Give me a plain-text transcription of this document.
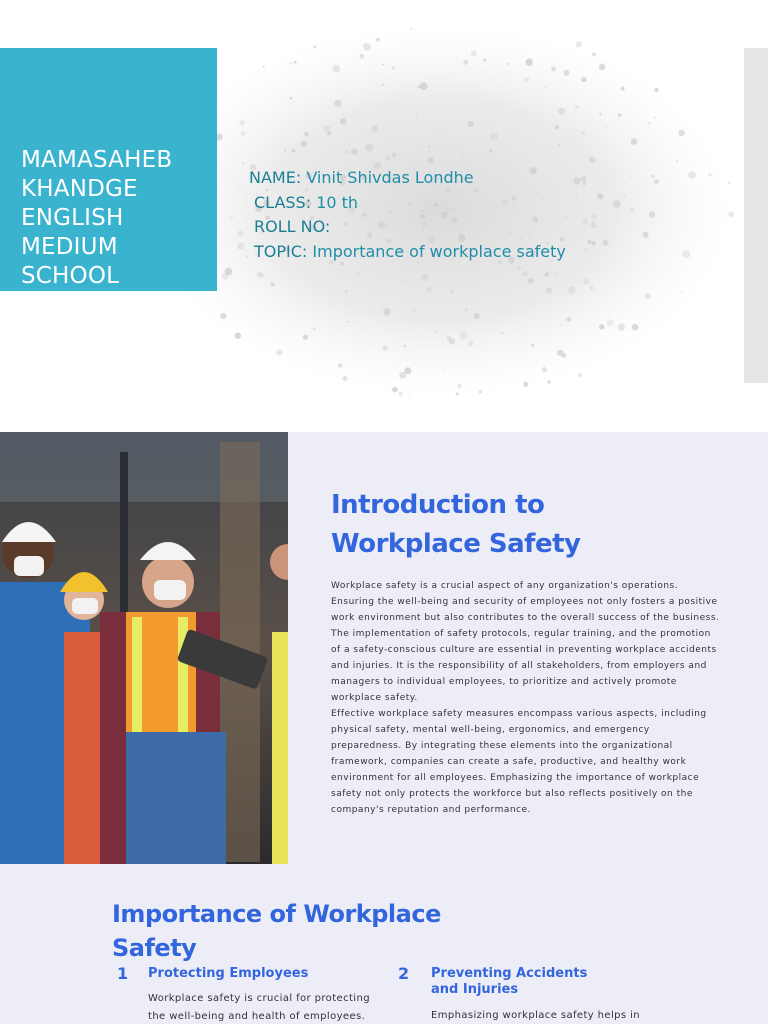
MAMASAHEB KHANDGE ENGLISH MEDIUM SCHOOL
NAME: Vinit Shivdas Londhe
CLASS: 10 th
ROLL NO:
TOPIC: Importance of workplace safety
Introduction to Workplace Safety

Workplace safety is a crucial aspect of any organization's operations. Ensuring the well-being and security of employees not only fosters a positive work environment but also contributes to the overall success of the business. The implementation of safety protocols, regular training, and the promotion of a safety-conscious culture are essential in preventing workplace accidents and injuries. It is the responsibility of all stakeholders, from employers and managers to individual employees, to prioritize and actively promote workplace safety.

Effective workplace safety measures encompass various aspects, including physical safety, mental well-being, ergonomics, and emergency preparedness. By integrating these elements into the organizational framework, companies can create a safe, productive, and healthy work environment for all employees. Emphasizing the importance of workplace safety not only protects the workforce but also reflects positively on the company's reputation and performance.

Importance of Workplace Safety
1 Protecting Employees
Workplace safety is crucial for protecting the well-being and health of employees.
2 Preventing Accidents and Injuries
Emphasizing workplace safety helps in
